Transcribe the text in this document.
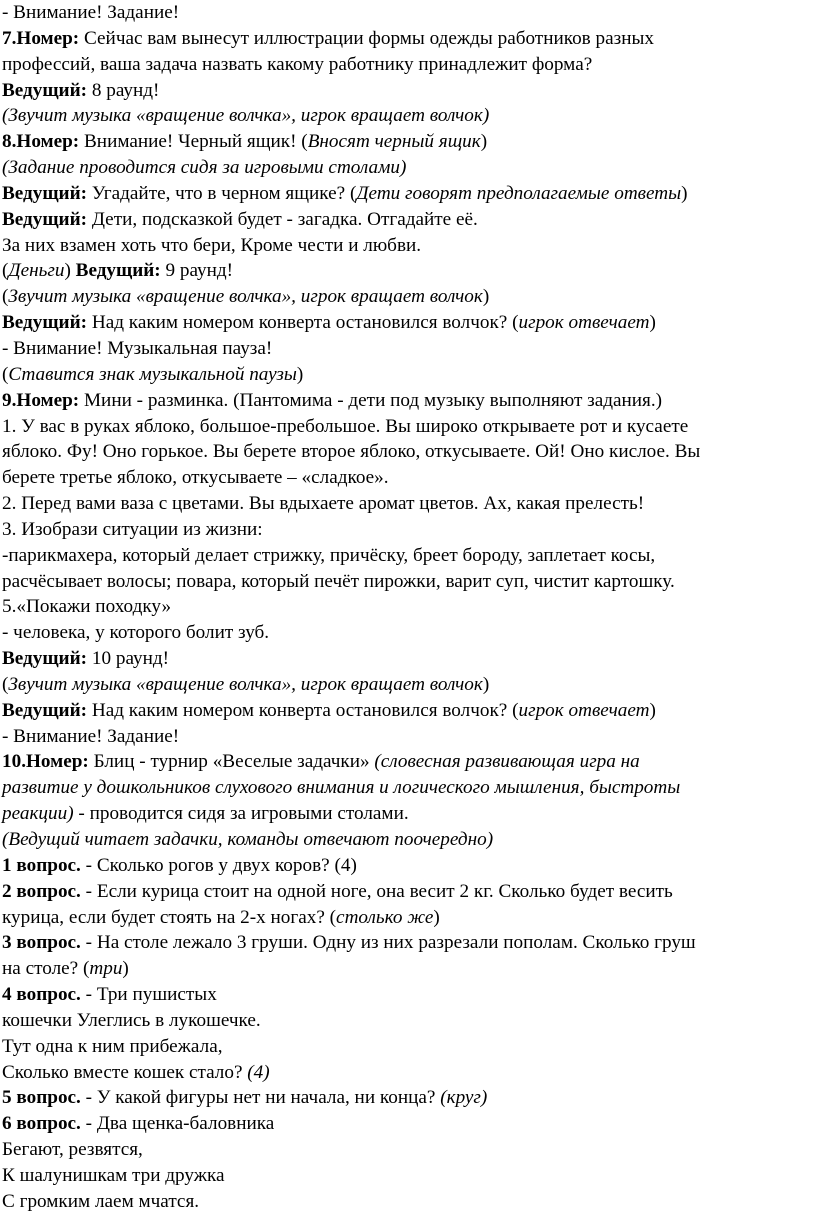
- Внимание! Задание!

7.Номер: Сейчас вам вынесут иллюстрации формы одежды работников разных

профессий, ваша задача назвать какому работнику принадлежит форма?

Ведущий: 8 раунд!

(Звучит музыка «вращение волчка», игрок вращает волчок)

8.Номер: Внимание! Черный ящик! (Вносят черный ящик)

(Задание проводится сидя за игровыми столами)

Ведущий: Угадайте, что в черном ящике? (Дети говорят предполагаемые ответы)

Ведущий: Дети, подсказкой будет - загадка. Отгадайте её.

За них взамен хоть что бери, Кроме чести и любви.

(Деньги) Ведущий: 9 раунд!

(Звучит музыка «вращение волчка», игрок вращает волчок)

Ведущий: Над каким номером конверта остановился волчок? (игрок отвечает)

- Внимание! Музыкальная пауза!

(Ставится знак музыкальной паузы)

9.Номер: Мини - разминка. (Пантомима - дети под музыку выполняют задания.)

1. У вас в руках яблоко, большое-пребольшое. Вы широко открываете рот и кусаете

яблоко. Фу! Оно горькое. Вы берете второе яблоко, откусываете. Ой! Оно кислое. Вы

берете третье яблоко, откусываете – «сладкое».

2. Перед вами ваза с цветами. Вы вдыхаете аромат цветов. Ах, какая прелесть!

3. Изобрази ситуации из жизни:

-парикмахера, который делает стрижку, причёску, бреет бороду, заплетает косы,

расчёсывает волосы; повара, который печёт пирожки, варит суп, чистит картошку.

5.«Покажи походку»

- человека, у которого болит зуб.

Ведущий: 10 раунд!

(Звучит музыка «вращение волчка», игрок вращает волчок)

Ведущий: Над каким номером конверта остановился волчок? (игрок отвечает)

- Внимание! Задание!

10.Номер: Блиц - турнир «Веселые задачки» (словесная развивающая игра на

развитие у дошкольников слухового внимания и логического мышления, быстроты

реакции) - проводится сидя за игровыми столами.

(Ведущий читает задачки, команды отвечают поочередно)

1 вопрос. - Сколько рогов у двух коров? (4)

2 вопрос. - Если курица стоит на одной ноге, она весит 2 кг. Сколько будет весить

курица, если будет стоять на 2-х ногах? (столько же)

3 вопрос. - На столе лежало 3 груши. Одну из них разрезали пополам. Сколько груш

на столе? (три)

4 вопрос. - Три пушистых

кошечки Улеглись в лукошечке.

Тут одна к ним прибежала,

Сколько вместе кошек стало? (4)

5 вопрос. - У какой фигуры нет ни начала, ни конца? (круг)

6 вопрос. - Два щенка-баловника

Бегают, резвятся,

К шалунишкам три дружка

С громким лаем мчатся.
